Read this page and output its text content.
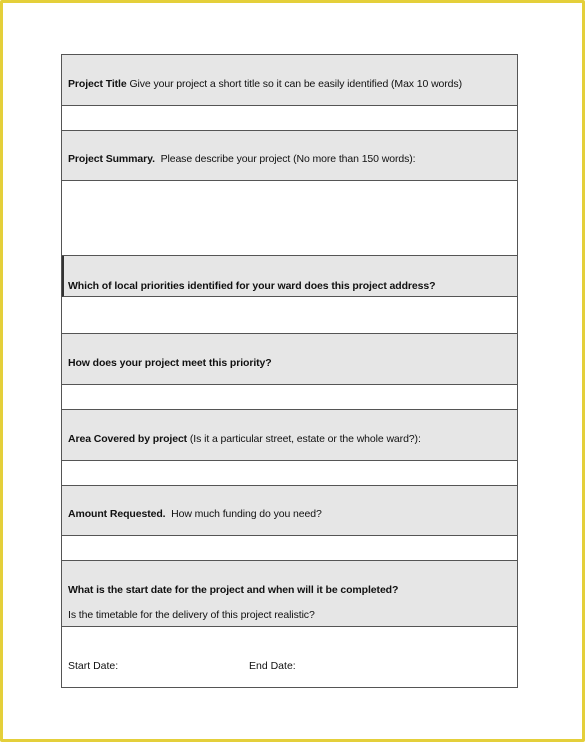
Project Title Give your project a short title so it can be easily identified (Max 10 words)
Project Summary. Please describe your project (No more than 150 words):
Which of local priorities identified for your ward does this project address?
How does your project meet this priority?
Area Covered by project (Is it a particular street, estate or the whole ward?):
Amount Requested. How much funding do you need?
What is the start date for the project and when will it be completed?
Is the timetable for the delivery of this project realistic?
Start Date:	End Date:
